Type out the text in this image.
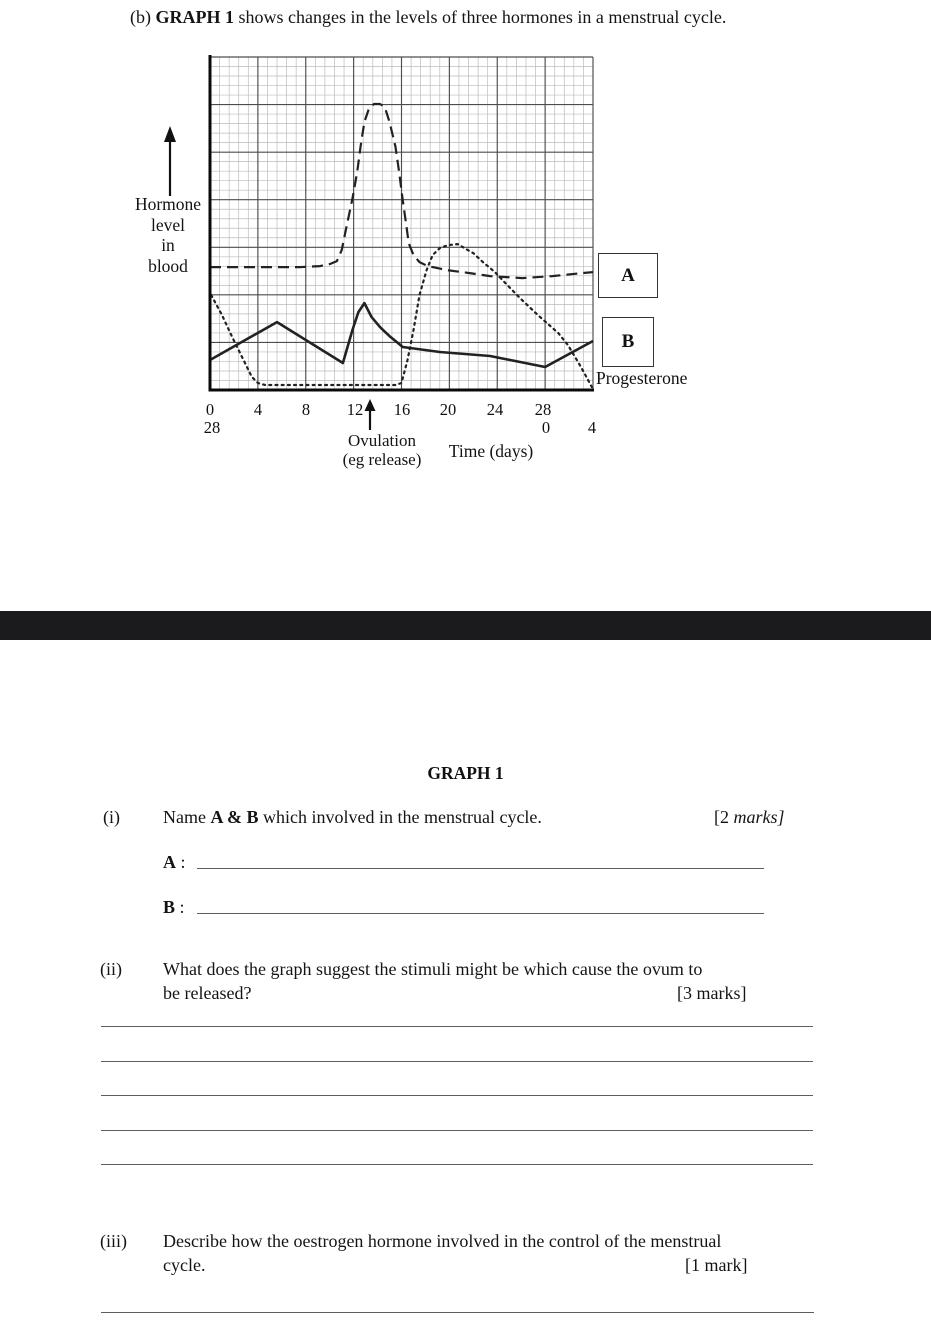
(b) GRAPH 1 shows changes in the levels of three hormones in a menstrual cycle.
Hormone
level
in
blood
0	4	8	12	16	20	24	28
28	0	4
Ovulation
(eg release)	Time (days)
A
B
Progesterone
GRAPH 1
(i) Name A & B which involved in the menstrual cycle.	[2 marks]
A :
B :
(ii) What does the graph suggest the stimuli might be which cause the ovum to
be released?	[3 marks]
(iii) Describe how the oestrogen hormone involved in the control of the menstrual
cycle.	[1 mark]
